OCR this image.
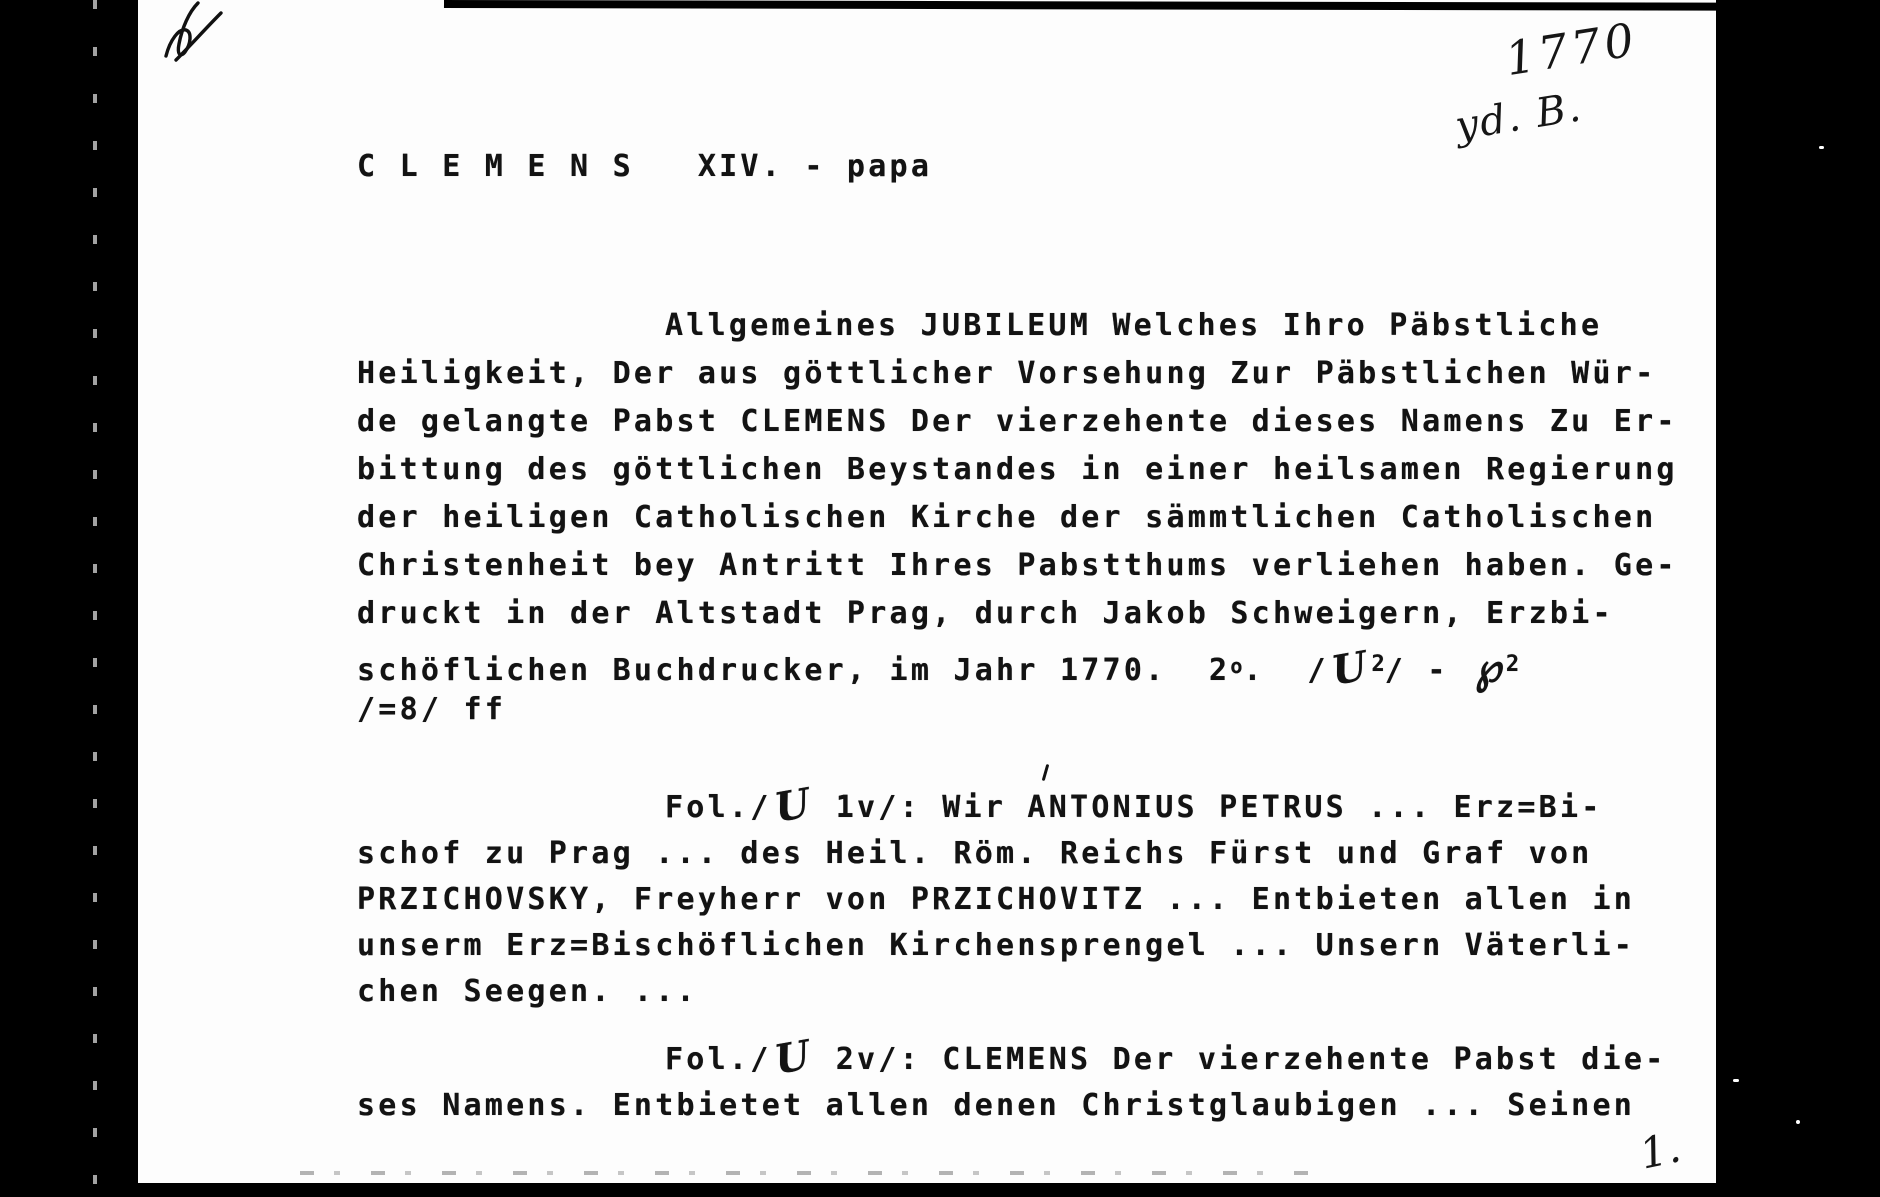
C L E M E N S   XIV. - papa
Allgemeines JUBILEUM Welches Ihro Päbstliche
Heiligkeit, Der aus göttlicher Vorsehung Zur Päbstlichen Wür-
de gelangte Pabst CLEMENS Der vierzehente dieses Namens Zu Er-
bittung des göttlichen Beystandes in einer heilsamen Regierung
der heiligen Catholischen Kirche der sämmtlichen Catholischen
Christenheit bey Antritt Ihres Pabstthums verliehen haben. Ge-
druckt in der Altstadt Prag, durch Jakob Schweigern, Erzbi-
schöflichen Buchdrucker, im Jahr 1770.  2$^o$.  $/U^2/$ - ℘$^2$
/=8/ ff
Fol./U 1v/: Wir ANTONIUS PETRUS ... Erz=Bi-
schof zu Prag ... des Heil. Röm. Reichs Fürst und Graf von
PRZICHOVSKY, Freyherr von PRZICHOVITZ ... Entbieten allen in
unserm Erz=Bischöflichen Kirchensprengel ... Unsern Väterli-
chen Seegen. ...
Fol./U 2v/: CLEMENS Der vierzehente Pabst die-
ses Namens. Entbietet allen denen Christglaubigen ... Seinen
1770
yd. B.
1.
